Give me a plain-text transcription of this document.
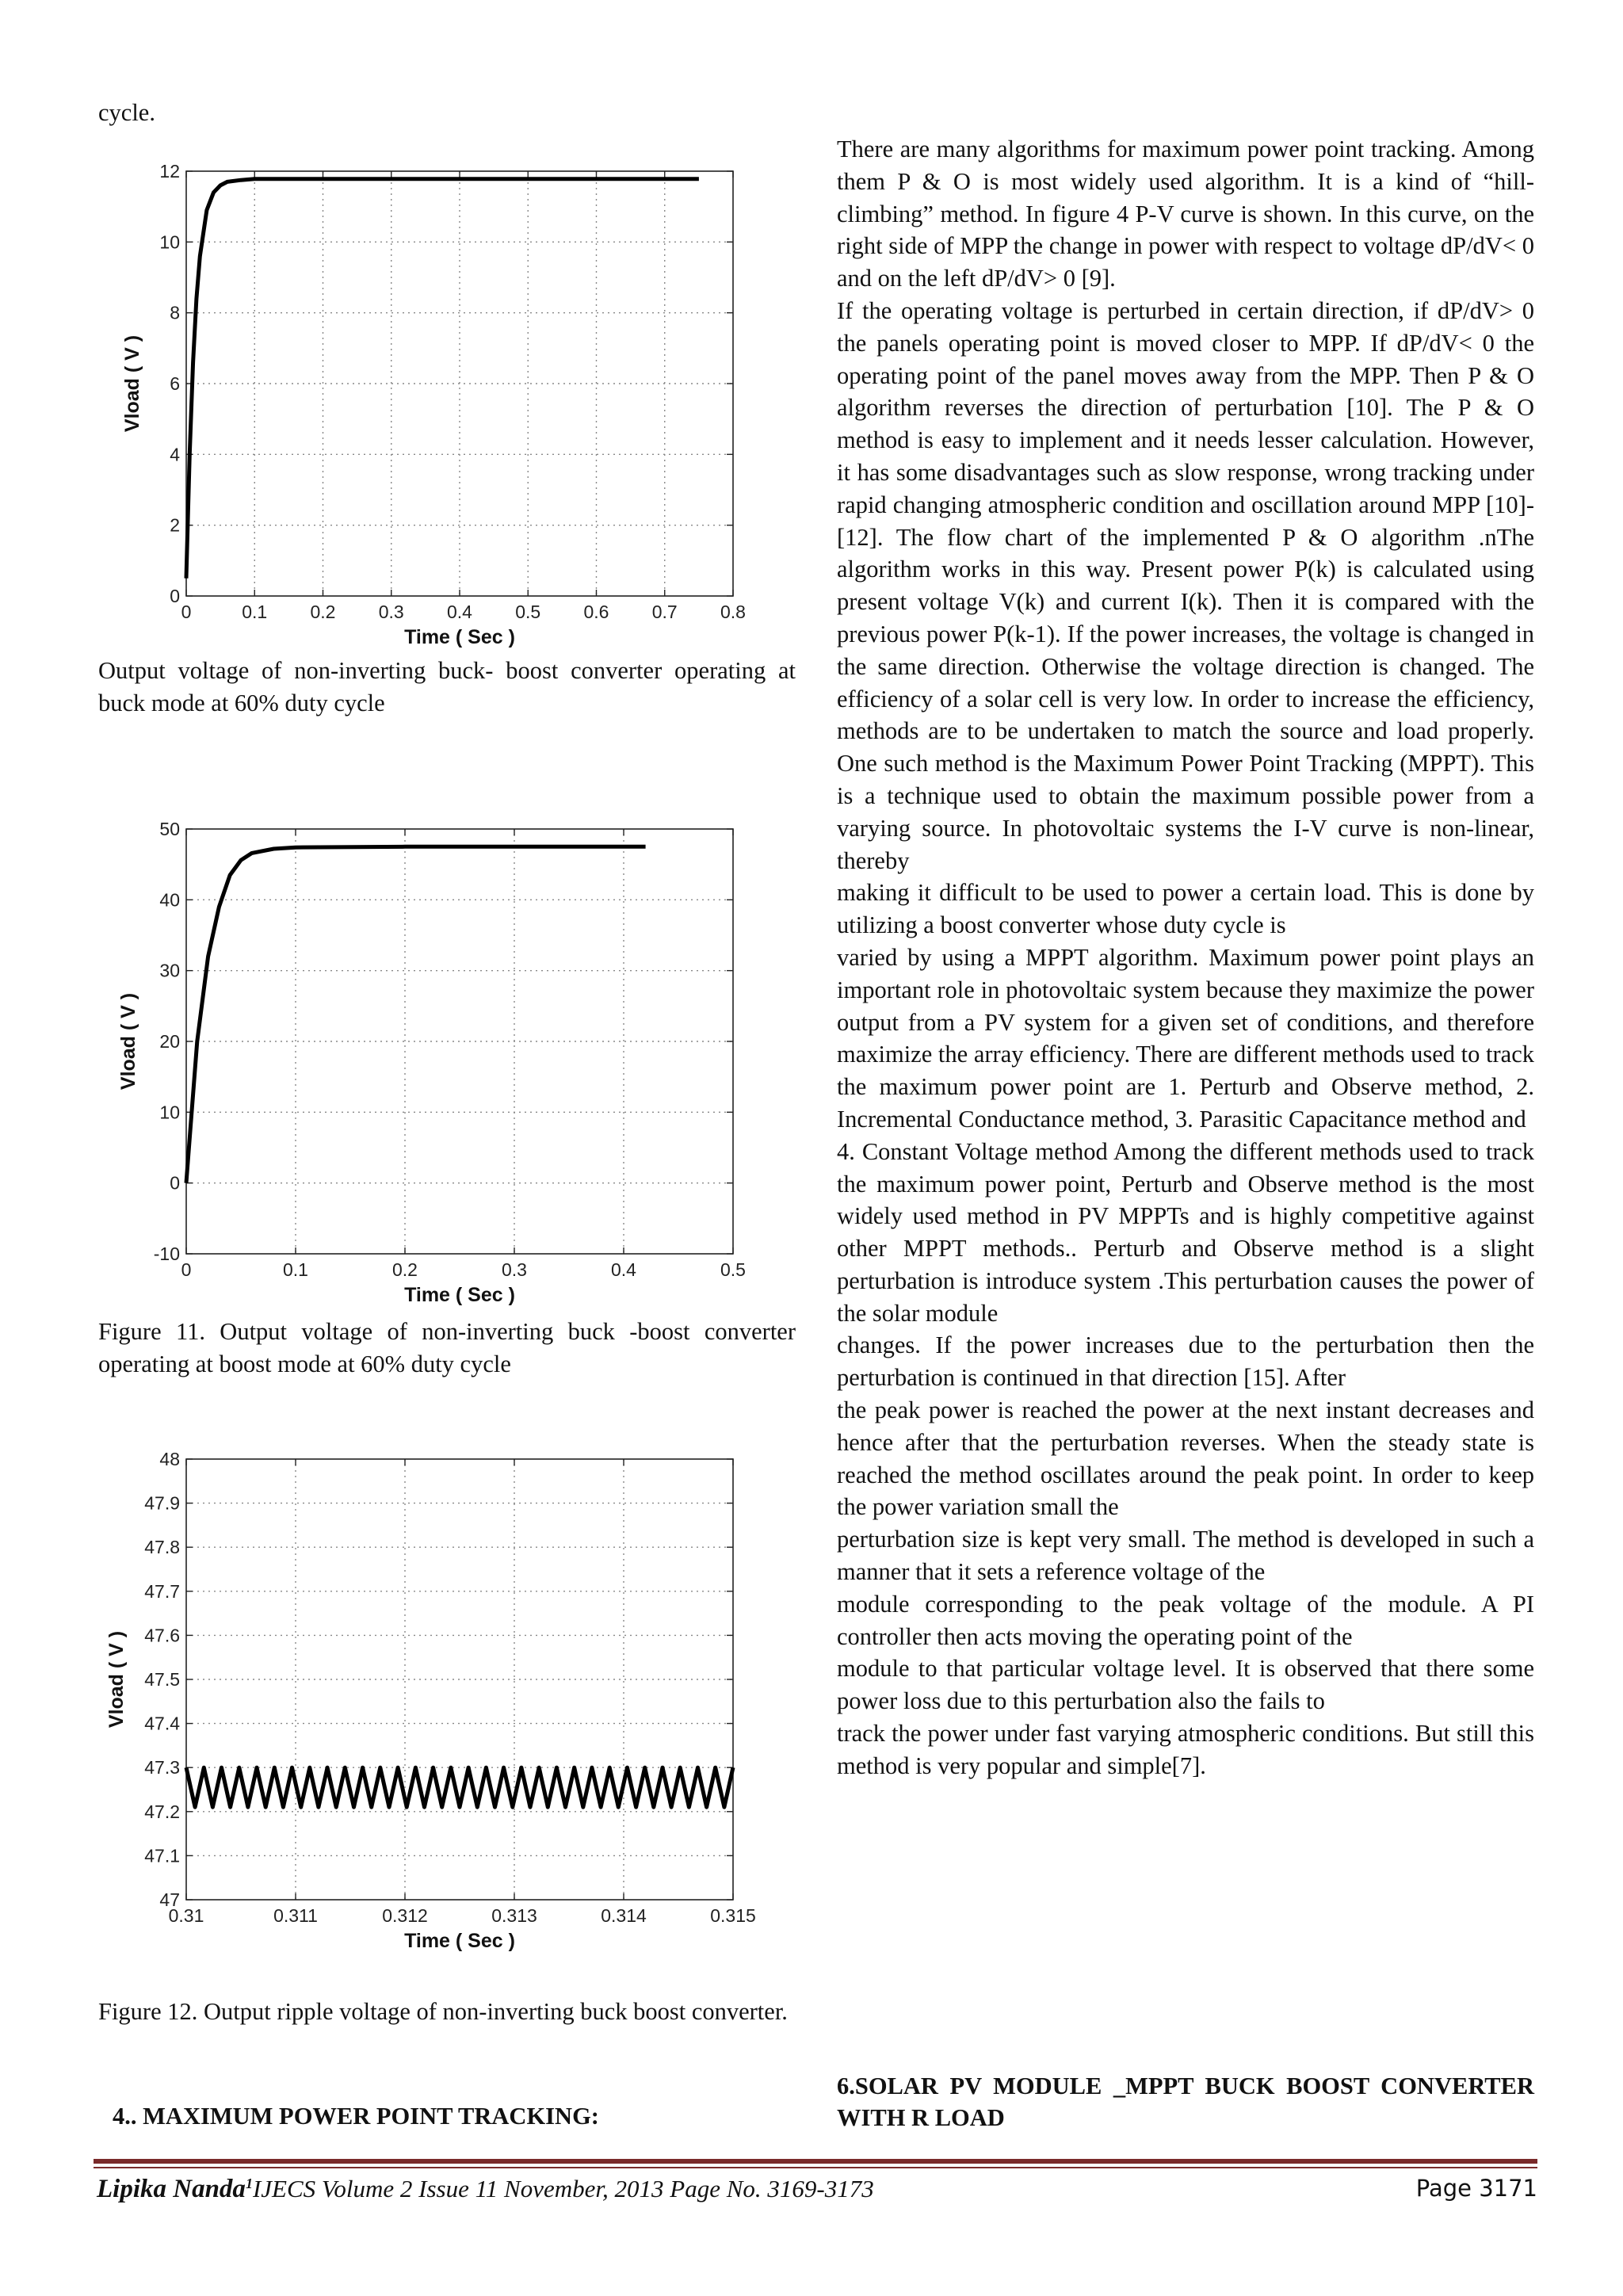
cycle.
0	0.1 0.2 0.3 0.4 0.5 0.6 0.7 0.8
0
2
4
6
8
10
12
Time ( Sec )
Vload ( V )
Output voltage of non-inverting buck- boost converter operating at buck mode at 60% duty cycle
0	0.1	0.2	0.3	0.4	0.5
-10
0
10
20
30
40
50
Time ( Sec )
Vload ( V )
Figure 11. Output voltage of non-inverting buck -boost converter operating at boost mode at 60% duty cycle
0.31	0.311	0.312	0.313	0.314	0.315
47
47.1
47.2
47.3
47.4
47.5
47.6
47.7
47.8
47.9
48
Time ( Sec )
Vload ( V )
Figure 12. Output ripple voltage of non-inverting buck boost converter.
4.. MAXIMUM POWER POINT TRACKING:

There are many algorithms for maximum power point tracking. Among them P & O is most widely used algorithm. It is a kind of “hill-climbing” method. In figure 4 P-V curve is shown. In this curve, on the right side of MPP the change in power with respect to voltage dP/dV< 0 and on the left dP/dV> 0 [9].

If the operating voltage is perturbed in certain direction, if dP/dV> 0 the panels operating point is moved closer to MPP. If dP/dV< 0 the operating point of the panel moves away from the MPP. Then P & O algorithm reverses the direction of perturbation [10]. The P & O method is easy to implement and it needs lesser calculation. However, it has some disadvantages such as slow response, wrong tracking under rapid changing atmospheric condition and oscillation around MPP [10]-[12]. The flow chart of the implemented P & O algorithm .nThe algorithm works in this way. Present power P(k) is calculated using present voltage V(k) and current I(k). Then it is compared with the previous power P(k-1). If the power increases, the voltage is changed in the same direction. Otherwise the voltage direction is changed. The efficiency of a solar cell is very low. In order to increase the efficiency, methods are to be undertaken to match the source and load properly. One such method is the Maximum Power Point Tracking (MPPT). This is a technique used to obtain the maximum possible power from a varying source. In photovoltaic systems the I-V curve is non-linear, thereby

making it difficult to be used to power a certain load. This is done by utilizing a boost converter whose duty cycle is

varied by using a MPPT algorithm. Maximum power point plays an important role in photovoltaic system because they maximize the power output from a PV system for a given set of conditions, and therefore maximize the array efficiency. There are different methods used to track the maximum power point are 1. Perturb and Observe method, 2. Incremental Conductance method, 3. Parasitic Capacitance method and

4. Constant Voltage method Among the different methods used to track the maximum power point, Perturb and Observe method is the most widely used method in PV MPPTs and is highly competitive against other MPPT methods.. Perturb and Observe method is a slight perturbation is introduce system .This perturbation causes the power of the solar module

changes. If the power increases due to the perturbation then the perturbation is continued in that direction [15]. After

the peak power is reached the power at the next instant decreases and hence after that the perturbation reverses. When the steady state is reached the method oscillates around the peak point. In order to keep the power variation small the

perturbation size is kept very small. The method is developed in such a manner that it sets a reference voltage of the

module corresponding to the peak voltage of the module. A PI controller then acts moving the operating point of the

module to that particular voltage level. It is observed that there some power loss due to this perturbation also the fails to

track the power under fast varying atmospheric conditions. But still this method is very popular and simple[7].

6.SOLAR PV MODULE _MPPT BUCK BOOST CONVERTER WITH R LOAD
Lipika Nanda$^1$IJECS Volume 2 Issue 11 November, 2013 Page No. 3169-3173	Page 3171
